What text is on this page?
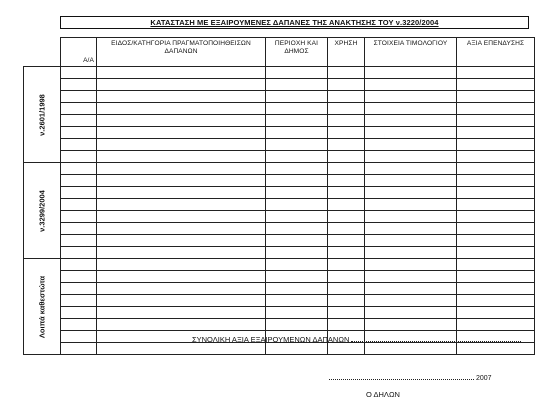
ΚΑΤΑΣΤΑΣΗ ΜΕ ΕΞΑΙΡΟΥΜΕΝΕΣ ΔΑΠΑΝΕΣ ΤΗΣ ΑΝΑΚΤΗΣΗΣ ΤΟΥ ν.3220/2004
	Α/Α	ΕΙΔΟΣ/ΚΑΤΗΓΟΡΙΑ ΠΡΑΓΜΑΤΟΠΟΙΗΘΕΙΣΩΝ ΔΑΠΑΝΩΝ	ΠΕΡΙΟΧΗ ΚΑΙ ΔΗΜΟΣ	ΧΡΗΣΗ	ΣΤΟΙΧΕΙΑ ΤΙΜΟΛΟΓΙΟΥ	ΑΞΙΑ ΕΠΕΝΔΥΣΗΣ

ν.2601/1998						

ν.3299/2004						

Λοιπά καθεστώτα						

ΣΥΝΟΛΙΚΗ ΑΞΙΑ ΕΞΑΙΡΟΥΜΕΝΩΝ ΔΑΠΑΝΩΝ
2007
Ο ΔΗΛΩΝ
